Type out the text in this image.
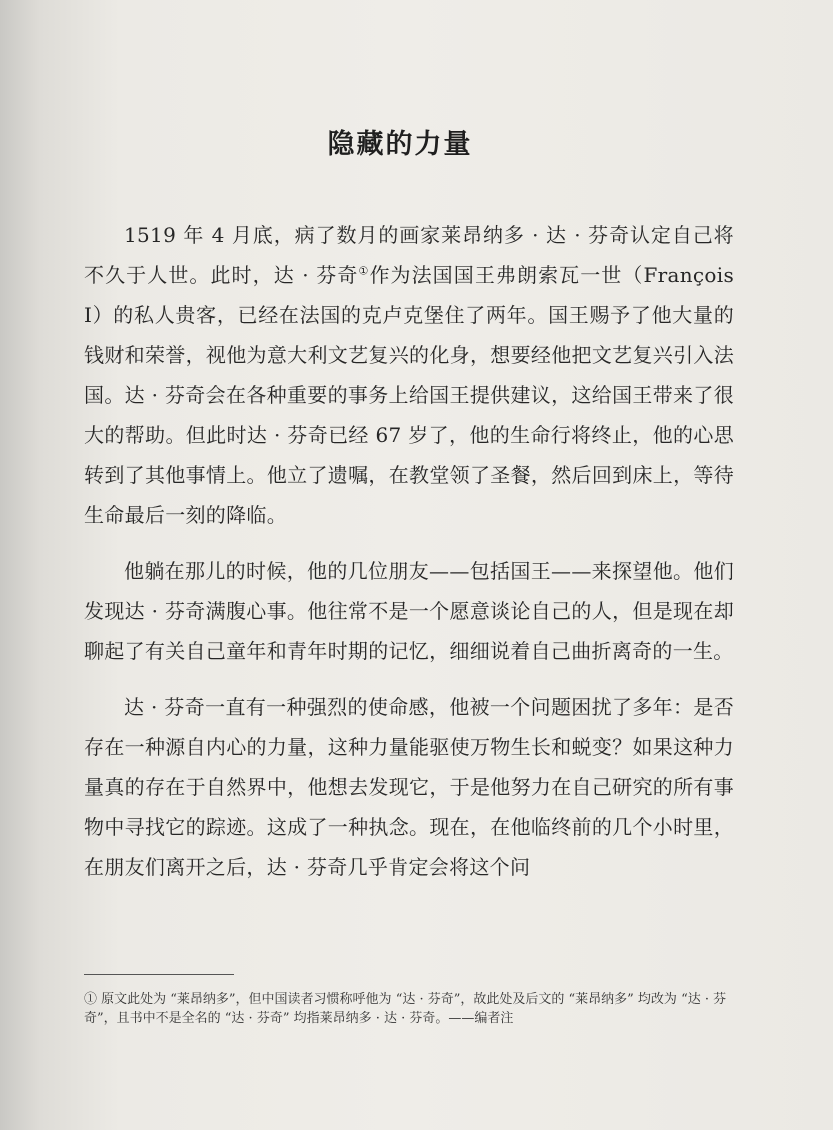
隐藏的力量

1519 年 4 月底，病了数月的画家莱昂纳多 · 达 · 芬奇认定自己将不久于人世。此时，达 · 芬奇①作为法国国王弗朗索瓦一世（François I）的私人贵客，已经在法国的克卢克堡住了两年。国王赐予了他大量的钱财和荣誉，视他为意大利文艺复兴的化身，想要经他把文艺复兴引入法国。达 · 芬奇会在各种重要的事务上给国王提供建议，这给国王带来了很大的帮助。但此时达 · 芬奇已经 67 岁了，他的生命行将终止，他的心思转到了其他事情上。他立了遗嘱，在教堂领了圣餐，然后回到床上，等待生命最后一刻的降临。

他躺在那儿的时候，他的几位朋友——包括国王——来探望他。他们发现达 · 芬奇满腹心事。他往常不是一个愿意谈论自己的人，但是现在却聊起了有关自己童年和青年时期的记忆，细细说着自己曲折离奇的一生。

达 · 芬奇一直有一种强烈的使命感，他被一个问题困扰了多年：是否存在一种源自内心的力量，这种力量能驱使万物生长和蜕变？如果这种力量真的存在于自然界中，他想去发现它，于是他努力在自己研究的所有事物中寻找它的踪迹。这成了一种执念。现在，在他临终前的几个小时里，在朋友们离开之后，达 · 芬奇几乎肯定会将这个问

① 原文此处为 “莱昂纳多”，但中国读者习惯称呼他为 “达 · 芬奇”，故此处及后文的 “莱昂纳多” 均改为 “达 · 芬奇”，且书中不是全名的 “达 · 芬奇” 均指莱昂纳多 · 达 · 芬奇。——编者注
